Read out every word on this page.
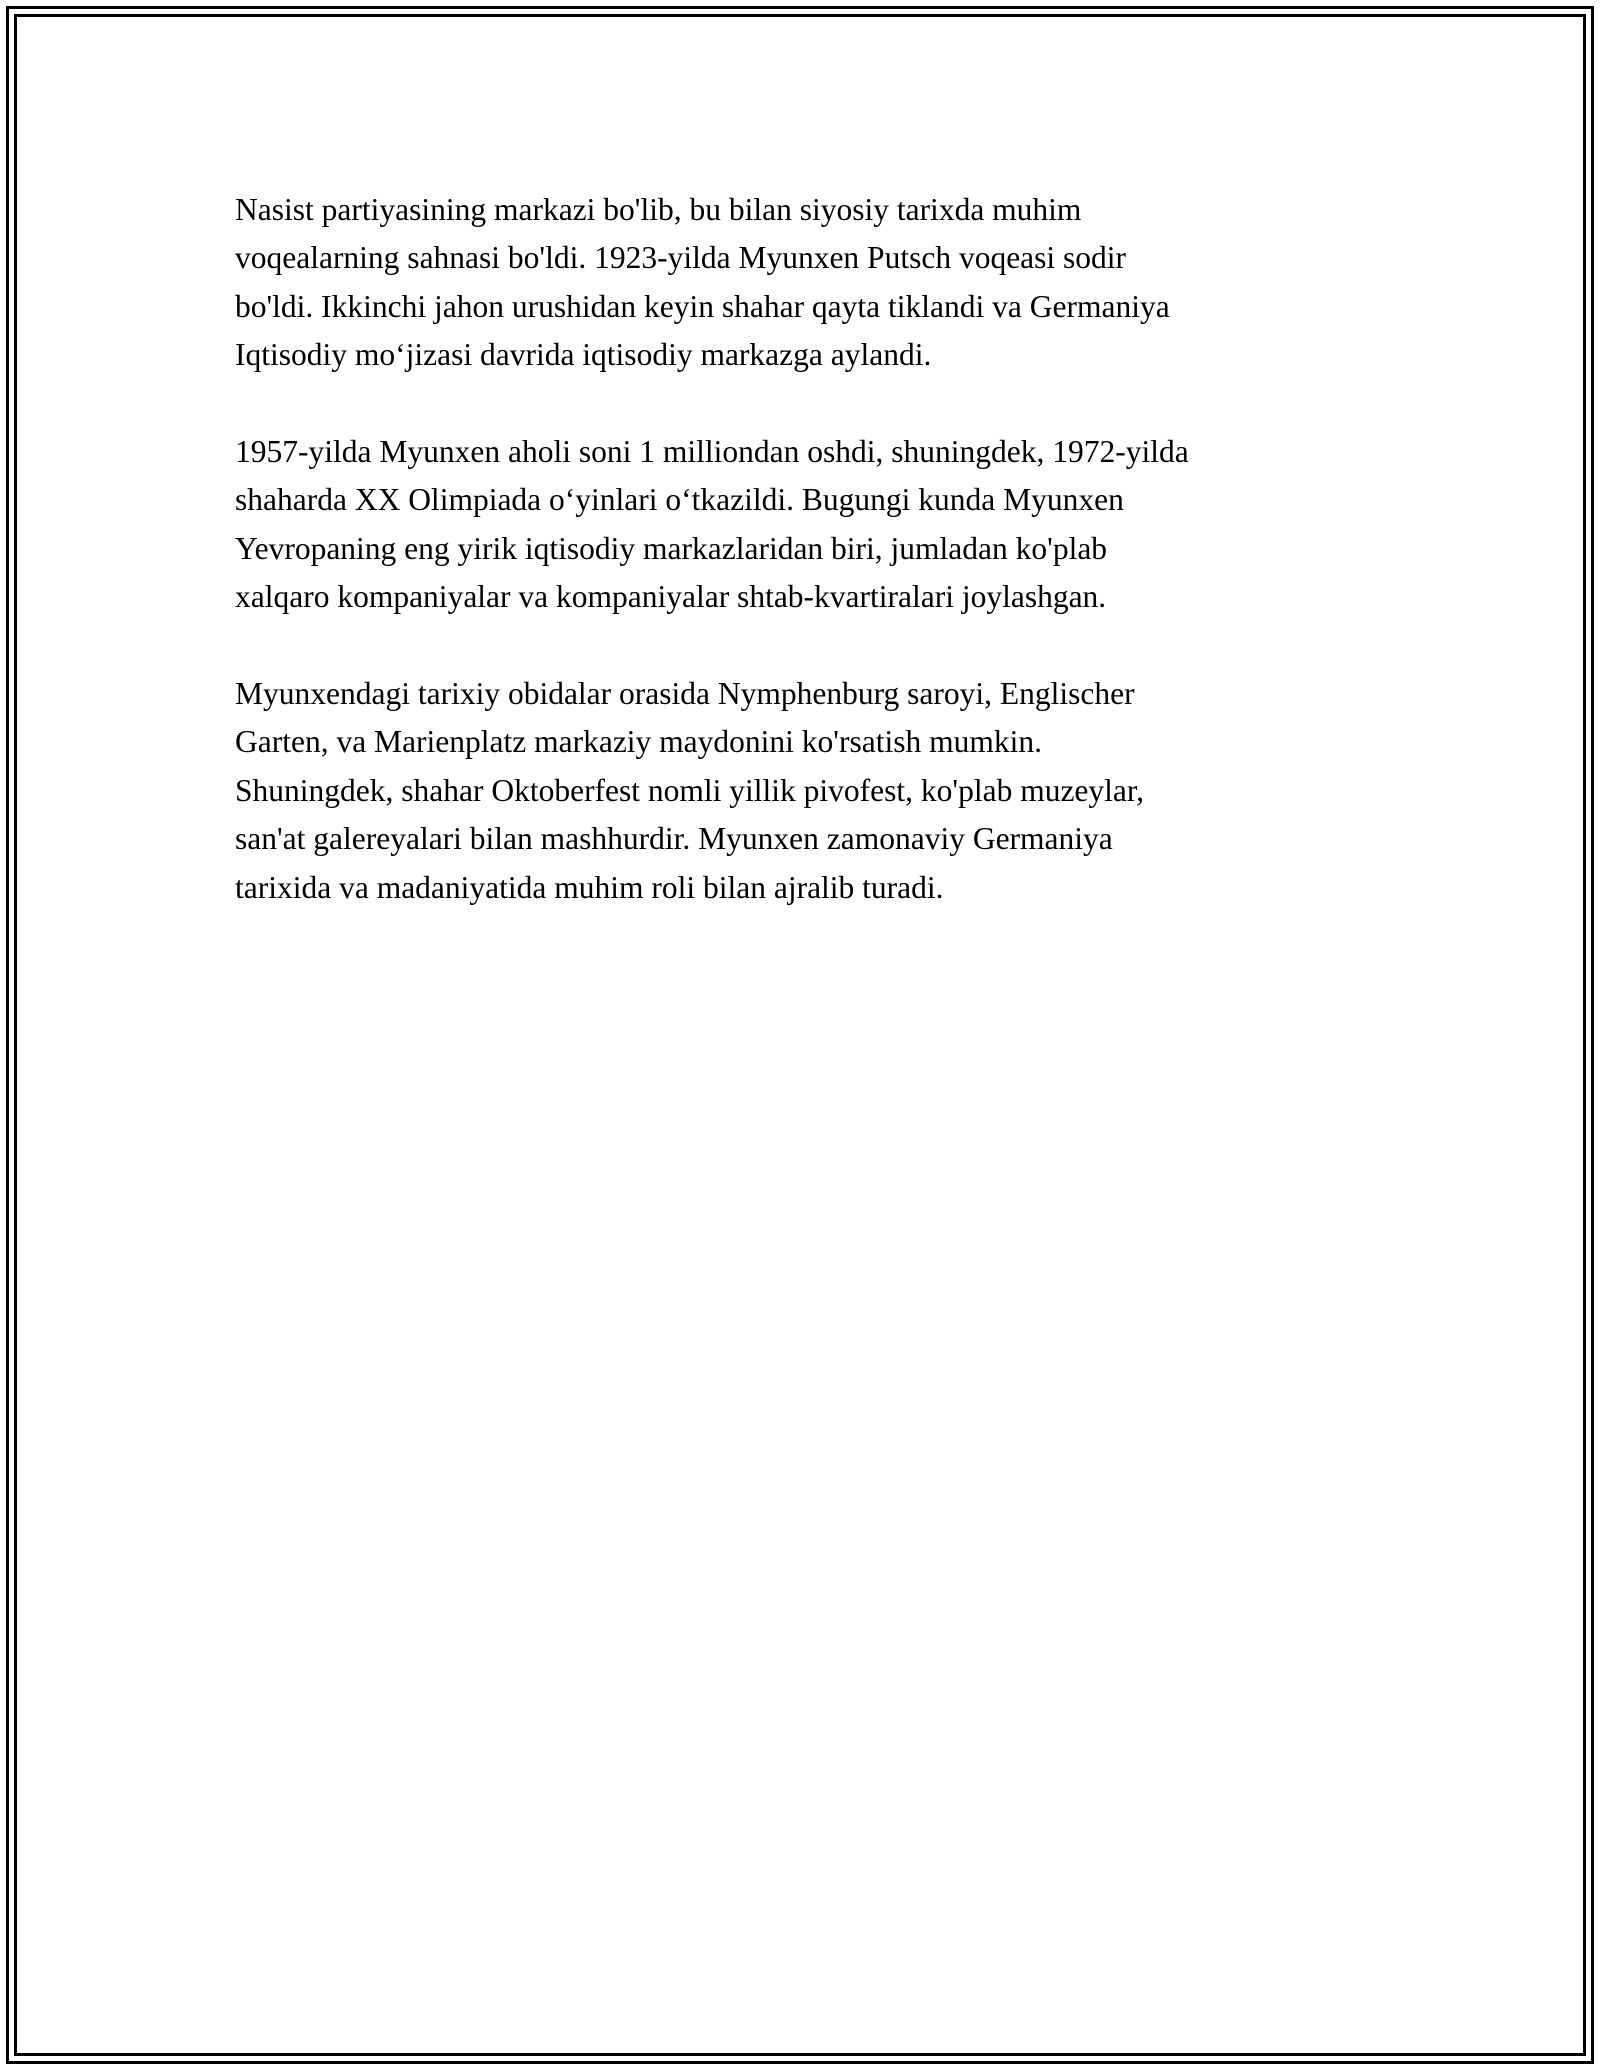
Nasist partiyasining markazi bo'lib, bu bilan siyosiy tarixda muhim
voqealarning sahnasi bo'ldi. 1923-yilda Myunxen Putsch voqeasi sodir
bo'ldi. Ikkinchi jahon urushidan keyin shahar qayta tiklandi va Germaniya
Iqtisodiy mo‘jizasi davrida iqtisodiy markazga aylandi.

1957-yilda Myunxen aholi soni 1 milliondan oshdi, shuningdek, 1972-yilda
shaharda XX Olimpiada o‘yinlari o‘tkazildi. Bugungi kunda Myunxen
Yevropaning eng yirik iqtisodiy markazlaridan biri, jumladan ko'plab
xalqaro kompaniyalar va kompaniyalar shtab-kvartiralari joylashgan.

Myunxendagi tarixiy obidalar orasida Nymphenburg saroyi, Englischer
Garten, va Marienplatz markaziy maydonini ko'rsatish mumkin.
Shuningdek, shahar Oktoberfest nomli yillik pivofest, ko'plab muzeylar,
san'at galereyalari bilan mashhurdir. Myunxen zamonaviy Germaniya
tarixida va madaniyatida muhim roli bilan ajralib turadi.
